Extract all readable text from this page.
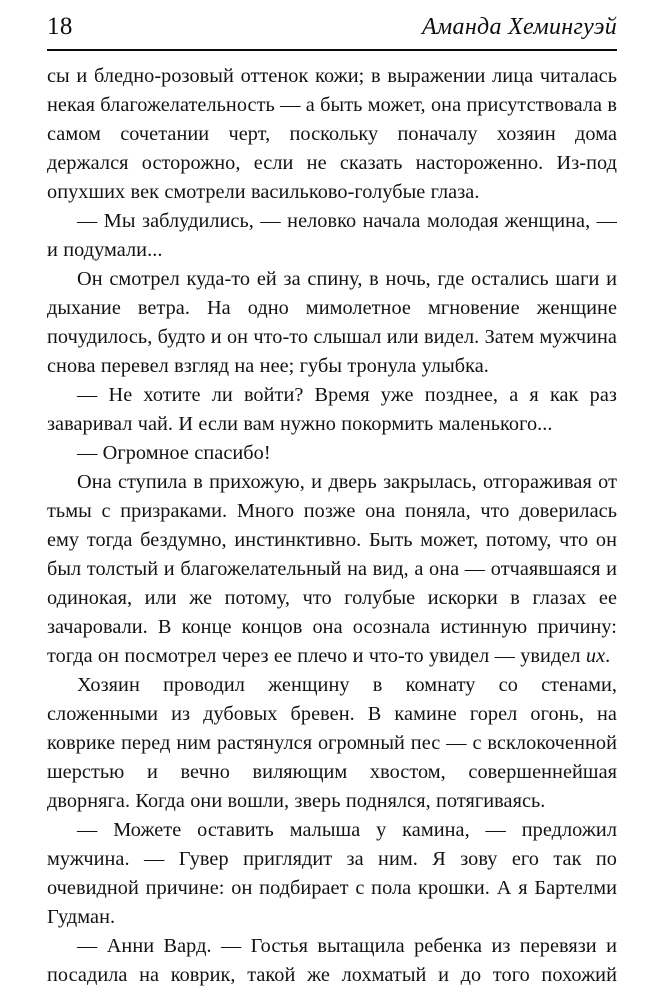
18	Аманда Хемингуэй

сы и бледно-розовый оттенок кожи; в выражении лица читалась некая благожелательность — а быть может, она присутствовала в самом сочетании черт, поскольку поначалу хозяин дома держался осторожно, если не сказать настороженно. Из-под опухших век смотрели васильково-голубые глаза.

— Мы заблудились, — неловко начала молодая женщина, — и подумали...

Он смотрел куда-то ей за спину, в ночь, где остались шаги и дыхание ветра. На одно мимолетное мгновение женщине почудилось, будто и он что-то слышал или видел. Затем мужчина снова перевел взгляд на нее; губы тронула улыбка.

— Не хотите ли войти? Время уже позднее, а я как раз заваривал чай. И если вам нужно покормить маленького...

— Огромное спасибо!

Она ступила в прихожую, и дверь закрылась, отгораживая от тьмы с призраками. Много позже она поняла, что доверилась ему тогда бездумно, инстинктивно. Быть может, потому, что он был толстый и благожелательный на вид, а она — отчаявшаяся и одинокая, или же потому, что голубые искорки в глазах ее зачаровали. В конце концов она осознала истинную причину: тогда он посмотрел через ее плечо и что-то увидел — увидел их.

Хозяин проводил женщину в комнату со стенами, сложенными из дубовых бревен. В камине горел огонь, на коврике перед ним растянулся огромный пес — с всклокоченной шерстью и вечно виляющим хвостом, совершеннейшая дворняга. Когда они вошли, зверь поднялся, потягиваясь.

— Можете оставить малыша у камина, — предложил мужчина. — Гувер приглядит за ним. Я зову его так по очевидной причине: он подбирает с пола крошки. А я Бартелми Гудман.

— Анни Вард. — Гостья вытащила ребенка из перевязи и посадила на коврик, такой же лохматый и до того похожий
